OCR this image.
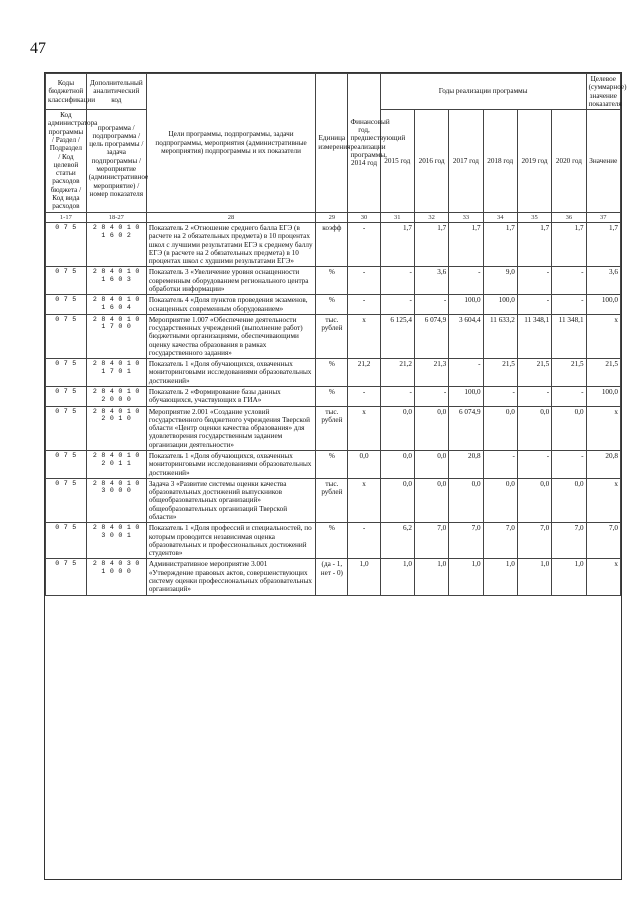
47
Коды бюджетной классификации	Дополнительный аналитический код	Цели программы, подпрограммы, задачи подпрограммы, мероприятия (административные мероприятия) подпрограммы и их показатели	Единица измерения	Финансовый год, предшествующий реализации программы, 2014 год	Годы реализации программы						Целевое (суммарное) значение показателя
Код администратора программы / Раздел / Подраздел / Код целевой статьи расходов бюджета / Код вида расходов	программа / подпрограмма / цель программы / задача подпрограммы / мероприятие (административное мероприятие) / номер показателя				2015 год	2016 год	2017 год	2018 год	2019 год	2020 год	Значение
1-17	18-27	28	29	30	31	32	33	34	35	36	37
0 7 5	2 8 4 0 1 0 1 6 0 2	Показатель 2 «Отношение среднего балла ЕГЭ (в расчете на 2 обязательных предмета) в 10 процентах школ с лучшими результатами ЕГЭ к среднему баллу ЕГЭ (в расчете на 2 обязательных предмета) в 10 процентах школ с худшими результатами ЕГЭ»	коэфф	-	1,7	1,7	1,7	1,7	1,7	1,7	1,7
0 7 5	2 8 4 0 1 0 1 6 0 3	Показатель 3 «Увеличение уровня оснащенности современным оборудованием регионального центра обработки информации»	%	-	-	3,6	-	9,0	-	-	3,6
0 7 5	2 8 4 0 1 0 1 6 0 4	Показатель 4 «Доля пунктов проведения экзаменов, оснащенных современным оборудованием»	%	-	-	-	100,0	100,0	-	-	100,0
0 7 5	2 8 4 0 1 0 1 7 0 0	Мероприятие 1.007 «Обеспечение деятельности государственных учреждений (выполнение работ) бюджетными организациями, обеспечивающими оценку качества образования в рамках государственного задания»	тыс. рублей	х	6 125,4	6 074,9	3 604,4	11 633,2	11 348,1	11 348,1	х
0 7 5	2 8 4 0 1 0 1 7 0 1	Показатель 1 «Доля обучающихся, охваченных мониторинговыми исследованиями образовательных достижений»	%	21,2	21,2	21,3	-	21,5	21,5	21,5	21,5
0 7 5	2 8 4 0 1 0 2 0 0 0	Показатель 2 «Формирование базы данных обучающихся, участвующих в ГИА»	%	-	-	-	100,0	-	-	-	100,0
0 7 5	2 8 4 0 1 0 2 0 1 0	Мероприятие 2.001 «Создание условий государственного бюджетного учреждения Тверской области «Центр оценки качества образования» для удовлетворения государственным заданием организации деятельности»	тыс. рублей	х	0,0	0,0	6 074,9	0,0	0,0	0,0	х
0 7 5	2 8 4 0 1 0 2 0 1 1	Показатель 1 «Доля обучающихся, охваченных мониторинговыми исследованиями образовательных достижений»	%	0,0	0,0	0,0	20,8	-	-	-	20,8
0 7 5	2 8 4 0 1 0 3 0 0 0	Задача 3 «Развитие системы оценки качества образовательных достижений выпускников общеобразовательных организаций» общеобразовательных организаций Тверской области»	тыс. рублей	х	0,0	0,0	0,0	0,0	0,0	0,0	х
0 7 5	2 8 4 0 1 0 3 0 0 1	Показатель 1 «Доля профессий и специальностей, по которым проводится независимая оценка образовательных и профессиональных достижений студентов»	%	-	6,2	7,0	7,0	7,0	7,0	7,0	7,0
0 7 5	2 8 4 0 3 0 1 0 0 0	Административное мероприятие 3.001 «Утверждение правовых актов, совершенствующих систему оценки профессиональных образовательных организаций»	(да - 1, нет - 0)	1,0	1,0	1,0	1,0	1,0	1,0	1,0	х
